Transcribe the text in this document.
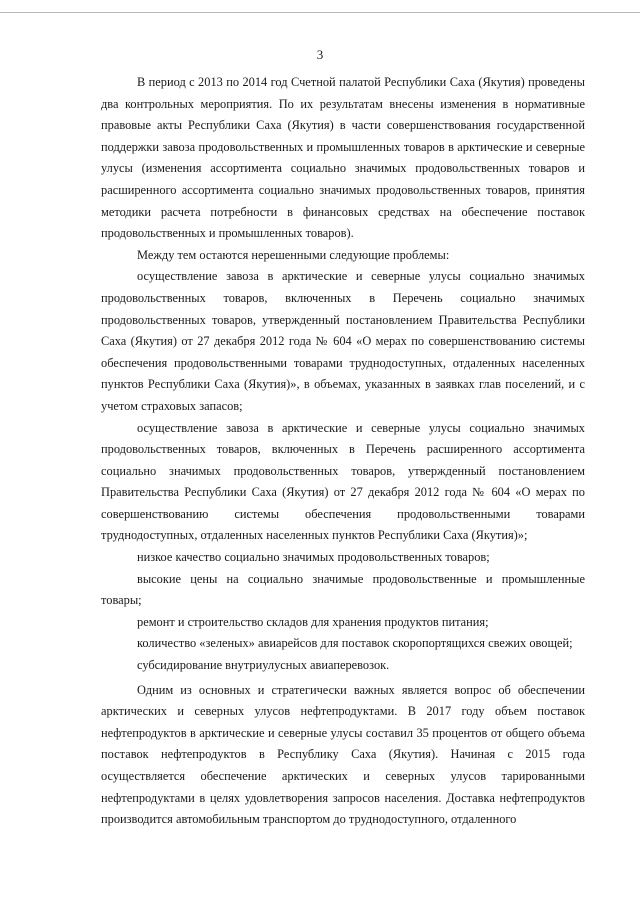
3

В период с 2013 по 2014 год Счетной палатой Республики Саха (Якутия) проведены два контрольных мероприятия. По их результатам внесены изменения в нормативные правовые акты Республики Саха (Якутия) в части совершенствования государственной поддержки завоза продовольственных и промышленных товаров в арктические и северные улусы (изменения ассортимента социально значимых продовольственных товаров и расширенного ассортимента социально значимых продовольственных товаров, принятия методики расчета потребности в финансовых средствах на обеспечение поставок продовольственных и промышленных товаров).

Между тем остаются нерешенными следующие проблемы:

осуществление завоза в арктические и северные улусы социально значимых продовольственных товаров, включенных в Перечень социально значимых продовольственных товаров, утвержденный постановлением Правительства Республики Саха (Якутия) от 27 декабря 2012 года № 604 «О мерах по совершенствованию системы обеспечения продовольственными товарами труднодоступных, отдаленных населенных пунктов Республики Саха (Якутия)», в объемах, указанных в заявках глав поселений, и с учетом страховых запасов;

осуществление завоза в арктические и северные улусы социально значимых продовольственных товаров, включенных в Перечень расширенного ассортимента социально значимых продовольственных товаров, утвержденный постановлением Правительства Республики Саха (Якутия) от 27 декабря 2012 года № 604 «О мерах по совершенствованию системы обеспечения продовольственными товарами труднодоступных, отдаленных населенных пунктов Республики Саха (Якутия)»;

низкое качество социально значимых продовольственных товаров;

высокие цены на социально значимые продовольственные и промышленные товары;

ремонт и строительство складов для хранения продуктов питания;

количество «зеленых» авиарейсов для поставок скоропортящихся свежих овощей;

субсидирование внутриулусных авиаперевозок.

Одним из основных и стратегически важных является вопрос об обеспечении арктических и северных улусов нефтепродуктами. В 2017 году объем поставок нефтепродуктов в арктические и северные улусы составил 35 процентов от общего объема поставок нефтепродуктов в Республику Саха (Якутия). Начиная с 2015 года осуществляется обеспечение арктических и северных улусов тарированными нефтепродуктами в целях удовлетворения запросов населения. Доставка нефтепродуктов производится автомобильным транспортом до труднодоступного, отдаленного
